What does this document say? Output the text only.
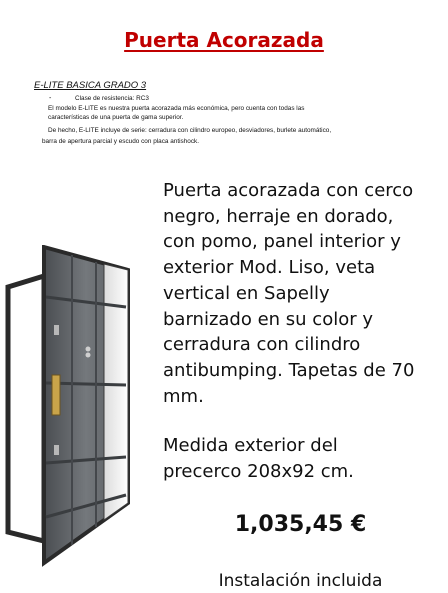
Puerta Acorazada
E-LITE BASICA GRADO 3
-	Clase de resistencia: RC3
El modelo E-LITE es nuestra puerta acorazada más económica, pero cuenta con todas las
características de una puerta de gama superior.
De hecho, E-LITE incluye de serie: cerradura con cilindro europeo, desviadores, burlete automático,
barra de apertura parcial y escudo con placa antishock.
Puerta acorazada con cerco
negro, herraje en dorado,
con pomo, panel interior y
exterior Mod. Liso, veta
vertical en Sapelly
barnizado en su color y
cerradura con cilindro
antibumping. Tapetas de 70
mm.
Medida exterior del
precerco 208x92 cm.
1,035,45 €
Instalación incluida
